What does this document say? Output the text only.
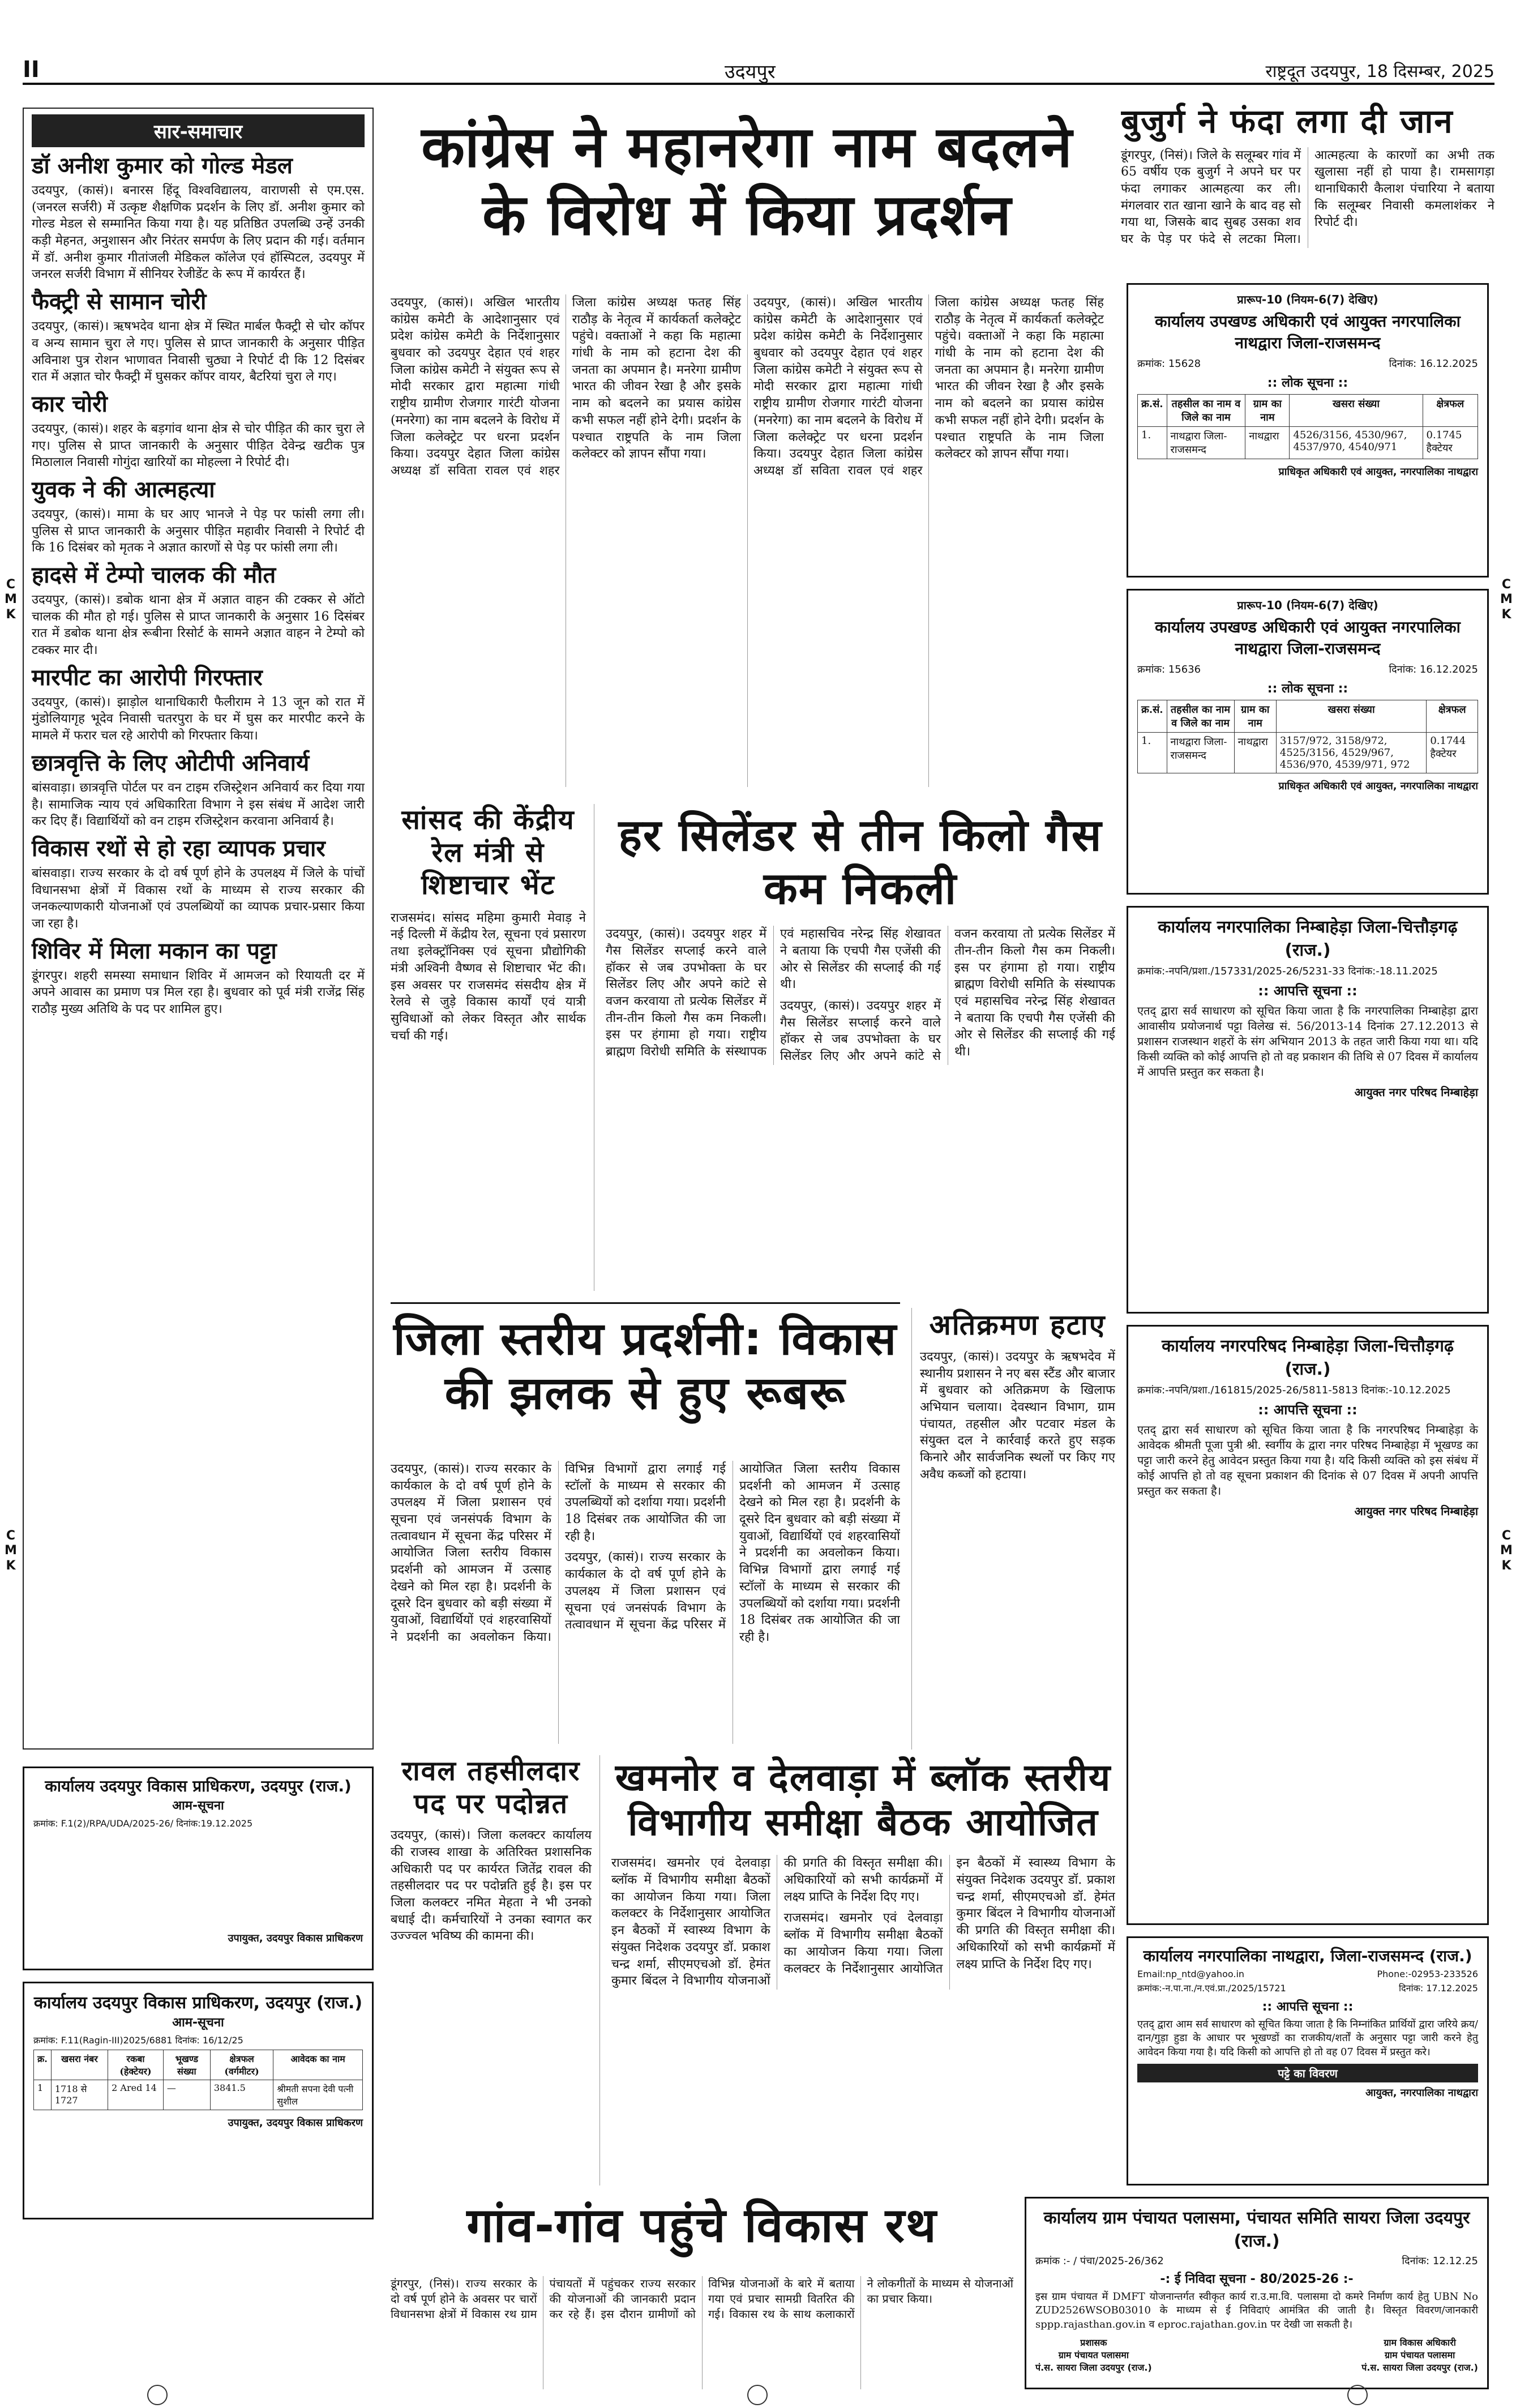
II	उदयपुर	राष्ट्रदूत उदयपुर, 18 दिसम्बर, 2025
C
M
K
C
M
K
C
M
K
C
M
K
सार-समाचार
डॉ अनीश कुमार को गोल्ड मेडल

उदयपुर, (कासं)। बनारस हिंदू विश्वविद्यालय, वाराणसी से एम.एस. (जनरल सर्जरी) में उत्कृष्ट शैक्षणिक प्रदर्शन के लिए डॉ. अनीश कुमार को गोल्ड मेडल से सम्मानित किया गया है। यह प्रतिष्ठित उपलब्धि उन्हें उनकी कड़ी मेहनत, अनुशासन और निरंतर समर्पण के लिए प्रदान की गई। वर्तमान में डॉ. अनीश कुमार गीतांजली मेडिकल कॉलेज एवं हॉस्पिटल, उदयपुर में जनरल सर्जरी विभाग में सीनियर रेजीडेंट के रूप में कार्यरत हैं।

फैक्ट्री से सामान चोरी

उदयपुर, (कासं)। ऋषभदेव थाना क्षेत्र में स्थित मार्बल फैक्ट्री से चोर कॉपर व अन्य सामान चुरा ले गए। पुलिस से प्राप्त जानकारी के अनुसार पीड़ित अविनाश पुत्र रोशन भाणावत निवासी चुठ्या ने रिपोर्ट दी कि 12 दिसंबर रात में अज्ञात चोर फैक्ट्री में घुसकर कॉपर वायर, बैटरियां चुरा ले गए।

कार चोरी

उदयपुर, (कासं)। शहर के बड़गांव थाना क्षेत्र से चोर पीड़ित की कार चुरा ले गए। पुलिस से प्राप्त जानकारी के अनुसार पीड़ित देवेन्द्र खटीक पुत्र मिठालाल निवासी गोगुंदा खारियों का मोहल्ला ने रिपोर्ट दी।

युवक ने की आत्महत्या

उदयपुर, (कासं)। मामा के घर आए भानजे ने पेड़ पर फांसी लगा ली। पुलिस से प्राप्त जानकारी के अनुसार पीड़ित महावीर निवासी ने रिपोर्ट दी कि 16 दिसंबर को मृतक ने अज्ञात कारणों से पेड़ पर फांसी लगा ली।

हादसे में टेम्पो चालक की मौत

उदयपुर, (कासं)। डबोक थाना क्षेत्र में अज्ञात वाहन की टक्कर से ऑटो चालक की मौत हो गई। पुलिस से प्राप्त जानकारी के अनुसार 16 दिसंबर रात में डबोक थाना क्षेत्र रूबीना रिसोर्ट के सामने अज्ञात वाहन ने टेम्पो को टक्कर मार दी।

मारपीट का आरोपी गिरफ्तार

उदयपुर, (कासं)। झाड़ोल थानाधिकारी फैलीराम ने 13 जून को रात में मुंडोलियागृह भूदेव निवासी चतरपुरा के घर में घुस कर मारपीट करने के मामले में फरार चल रहे आरोपी को गिरफ्तार किया।

छात्रवृत्ति के लिए ओटीपी अनिवार्य

बांसवाड़ा। छात्रवृत्ति पोर्टल पर वन टाइम रजिस्ट्रेशन अनिवार्य कर दिया गया है। सामाजिक न्याय एवं अधिकारिता विभाग ने इस संबंध में आदेश जारी कर दिए हैं। विद्यार्थियों को वन टाइम रजिस्ट्रेशन करवाना अनिवार्य है।

विकास रथों से हो रहा व्यापक प्रचार

बांसवाड़ा। राज्य सरकार के दो वर्ष पूर्ण होने के उपलक्ष्य में जिले के पांचों विधानसभा क्षेत्रों में विकास रथों के माध्यम से राज्य सरकार की जनकल्याणकारी योजनाओं एवं उपलब्धियों का व्यापक प्रचार-प्रसार किया जा रहा है।

शिविर में मिला मकान का पट्टा

डूंगरपुर। शहरी समस्या समाधान शिविर में आमजन को रियायती दर में अपने आवास का प्रमाण पत्र मिल रहा है। बुधवार को पूर्व मंत्री राजेंद्र सिंह राठौड़ मुख्य अतिथि के पद पर शामिल हुए।

कांग्रेस ने महानरेगा नाम बदलने के विरोध में किया प्रदर्शन

उदयपुर, (कासं)। अखिल भारतीय कांग्रेस कमेटी के आदेशानुसार एवं प्रदेश कांग्रेस कमेटी के निर्देशानुसार बुधवार को उदयपुर देहात एवं शहर जिला कांग्रेस कमेटी ने संयुक्त रूप से मोदी सरकार द्वारा महात्मा गांधी राष्ट्रीय ग्रामीण रोजगार गारंटी योजना (मनरेगा) का नाम बदलने के विरोध में जिला कलेक्ट्रेट पर धरना प्रदर्शन किया। उदयपुर देहात जिला कांग्रेस अध्यक्ष डॉ सविता रावल एवं शहर जिला कांग्रेस अध्यक्ष फतह सिंह राठौड़ के नेतृत्व में कार्यकर्ता कलेक्ट्रेट पहुंचे। वक्ताओं ने कहा कि महात्मा गांधी के नाम को हटाना देश की जनता का अपमान है। मनरेगा ग्रामीण भारत की जीवन रेखा है और इसके नाम को बदलने का प्रयास कांग्रेस कभी सफल नहीं होने देगी। प्रदर्शन के पश्चात राष्ट्रपति के नाम जिला कलेक्टर को ज्ञापन सौंपा गया।

उदयपुर, (कासं)। अखिल भारतीय कांग्रेस कमेटी के आदेशानुसार एवं प्रदेश कांग्रेस कमेटी के निर्देशानुसार बुधवार को उदयपुर देहात एवं शहर जिला कांग्रेस कमेटी ने संयुक्त रूप से मोदी सरकार द्वारा महात्मा गांधी राष्ट्रीय ग्रामीण रोजगार गारंटी योजना (मनरेगा) का नाम बदलने के विरोध में जिला कलेक्ट्रेट पर धरना प्रदर्शन किया। उदयपुर देहात जिला कांग्रेस अध्यक्ष डॉ सविता रावल एवं शहर जिला कांग्रेस अध्यक्ष फतह सिंह राठौड़ के नेतृत्व में कार्यकर्ता कलेक्ट्रेट पहुंचे। वक्ताओं ने कहा कि महात्मा गांधी के नाम को हटाना देश की जनता का अपमान है। मनरेगा ग्रामीण भारत की जीवन रेखा है और इसके नाम को बदलने का प्रयास कांग्रेस कभी सफल नहीं होने देगी। प्रदर्शन के पश्चात राष्ट्रपति के नाम जिला कलेक्टर को ज्ञापन सौंपा गया।

बुजुर्ग ने फंदा लगा दी जान

डूंगरपुर, (निसं)। जिले के सलूम्बर गांव में 65 वर्षीय एक बुजुर्ग ने अपने घर पर फंदा लगाकर आत्महत्या कर ली। मंगलवार रात खाना खाने के बाद वह सो गया था, जिसके बाद सुबह उसका शव घर के पेड़ पर फंदे से लटका मिला। आत्महत्या के कारणों का अभी तक खुलासा नहीं हो पाया है। रामसागड़ा थानाधिकारी कैलाश पंचारिया ने बताया कि सलूम्बर निवासी कमलाशंकर ने रिपोर्ट दी।

प्रारूप-10 (नियम-6(7) देखिए)
कार्यालय उपखण्ड अधिकारी एवं आयुक्त नगरपालिका नाथद्वारा जिला-राजसमन्द
क्रमांक: 15628	दिनांक: 16.12.2025
:: लोक सूचना ::
क्र.सं.	तहसील का नाम व जिले का नाम	ग्राम का नाम	खसरा संख्या	क्षेत्रफल
1.	नाथद्वारा जिला-राजसमन्द	नाथद्वारा	4526/3156, 4530/967, 4537/970, 4540/971	0.1745 हैक्टेयर
प्राधिकृत अधिकारी एवं आयुक्त, नगरपालिका नाथद्वारा
प्रारूप-10 (नियम-6(7) देखिए)
कार्यालय उपखण्ड अधिकारी एवं आयुक्त नगरपालिका नाथद्वारा जिला-राजसमन्द
क्रमांक: 15636	दिनांक: 16.12.2025
:: लोक सूचना ::
क्र.सं.	तहसील का नाम व जिले का नाम	ग्राम का नाम	खसरा संख्या	क्षेत्रफल
1.	नाथद्वारा जिला-राजसमन्द	नाथद्वारा	3157/972, 3158/972, 4525/3156, 4529/967, 4536/970, 4539/971, 972	0.1744 हैक्टेयर
प्राधिकृत अधिकारी एवं आयुक्त, नगरपालिका नाथद्वारा
सांसद की केंद्रीय रेल मंत्री से शिष्टाचार भेंट

राजसमंद। सांसद महिमा कुमारी मेवाड़ ने नई दिल्ली में केंद्रीय रेल, सूचना एवं प्रसारण तथा इलेक्ट्रॉनिक्स एवं सूचना प्रौद्योगिकी मंत्री अश्विनी वैष्णव से शिष्टाचार भेंट की। इस अवसर पर राजसमंद संसदीय क्षेत्र में रेलवे से जुड़े विकास कार्यों एवं यात्री सुविधाओं को लेकर विस्तृत और सार्थक चर्चा की गई।

हर सिलेंडर से तीन किलो गैस कम निकली

उदयपुर, (कासं)। उदयपुर शहर में गैस सिलेंडर सप्लाई करने वाले हॉकर से जब उपभोक्ता के घर सिलेंडर लिए और अपने कांटे से वजन करवाया तो प्रत्येक सिलेंडर में तीन-तीन किलो गैस कम निकली। इस पर हंगामा हो गया। राष्ट्रीय ब्राह्मण विरोधी समिति के संस्थापक एवं महासचिव नरेन्द्र सिंह शेखावत ने बताया कि एचपी गैस एजेंसी की ओर से सिलेंडर की सप्लाई की गई थी।

उदयपुर, (कासं)। उदयपुर शहर में गैस सिलेंडर सप्लाई करने वाले हॉकर से जब उपभोक्ता के घर सिलेंडर लिए और अपने कांटे से वजन करवाया तो प्रत्येक सिलेंडर में तीन-तीन किलो गैस कम निकली। इस पर हंगामा हो गया। राष्ट्रीय ब्राह्मण विरोधी समिति के संस्थापक एवं महासचिव नरेन्द्र सिंह शेखावत ने बताया कि एचपी गैस एजेंसी की ओर से सिलेंडर की सप्लाई की गई थी।

कार्यालय नगरपालिका निम्बाहेड़ा जिला-चित्तौड़गढ़ (राज.)
क्रमांक:-नपनि/प्रशा./157331/2025-26/5231-33 दिनांक:-18.11.2025
:: आपत्ति सूचना ::

एतद् द्वारा सर्व साधारण को सूचित किया जाता है कि नगरपालिका निम्बाहेड़ा द्वारा आवासीय प्रयोजनार्थ पट्टा विलेख सं. 56/2013-14 दिनांक 27.12.2013 से प्रशासन राजस्थान शहरों के संग अभियान 2013 के तहत जारी किया गया था। यदि किसी व्यक्ति को कोई आपत्ति हो तो वह प्रकाशन की तिथि से 07 दिवस में कार्यालय में आपत्ति प्रस्तुत कर सकता है।

आयुक्त नगर परिषद निम्बाहेड़ा
कार्यालय नगरपरिषद निम्बाहेड़ा जिला-चित्तौड़गढ़ (राज.)
क्रमांक:-नपनि/प्रशा./161815/2025-26/5811-5813 दिनांक:-10.12.2025
:: आपत्ति सूचना ::

एतद् द्वारा सर्व साधारण को सूचित किया जाता है कि नगरपरिषद निम्बाहेड़ा के आवेदक श्रीमती पूजा पुत्री श्री. स्वर्गीय के द्वारा नगर परिषद निम्बाहेड़ा में भूखण्ड का पट्टा जारी करने हेतु आवेदन प्रस्तुत किया गया है। यदि किसी व्यक्ति को इस संबंध में कोई आपत्ति हो तो वह सूचना प्रकाशन की दिनांक से 07 दिवस में अपनी आपत्ति प्रस्तुत कर सकता है।

आयुक्त नगर परिषद निम्बाहेड़ा
जिला स्तरीय प्रदर्शनी: विकास की झलक से हुए रूबरू

उदयपुर, (कासं)। राज्य सरकार के कार्यकाल के दो वर्ष पूर्ण होने के उपलक्ष्य में जिला प्रशासन एवं सूचना एवं जनसंपर्क विभाग के तत्वावधान में सूचना केंद्र परिसर में आयोजित जिला स्तरीय विकास प्रदर्शनी को आमजन में उत्साह देखने को मिल रहा है। प्रदर्शनी के दूसरे दिन बुधवार को बड़ी संख्या में युवाओं, विद्यार्थियों एवं शहरवासियों ने प्रदर्शनी का अवलोकन किया। विभिन्न विभागों द्वारा लगाई गई स्टॉलों के माध्यम से सरकार की उपलब्धियों को दर्शाया गया। प्रदर्शनी 18 दिसंबर तक आयोजित की जा रही है।

उदयपुर, (कासं)। राज्य सरकार के कार्यकाल के दो वर्ष पूर्ण होने के उपलक्ष्य में जिला प्रशासन एवं सूचना एवं जनसंपर्क विभाग के तत्वावधान में सूचना केंद्र परिसर में आयोजित जिला स्तरीय विकास प्रदर्शनी को आमजन में उत्साह देखने को मिल रहा है। प्रदर्शनी के दूसरे दिन बुधवार को बड़ी संख्या में युवाओं, विद्यार्थियों एवं शहरवासियों ने प्रदर्शनी का अवलोकन किया। विभिन्न विभागों द्वारा लगाई गई स्टॉलों के माध्यम से सरकार की उपलब्धियों को दर्शाया गया। प्रदर्शनी 18 दिसंबर तक आयोजित की जा रही है।

अतिक्रमण हटाए

उदयपुर, (कासं)। उदयपुर के ऋषभदेव में स्थानीय प्रशासन ने नए बस स्टैंड और बाजार में बुधवार को अतिक्रमण के खिलाफ अभियान चलाया। देवस्थान विभाग, ग्राम पंचायत, तहसील और पटवार मंडल के संयुक्त दल ने कार्रवाई करते हुए सड़क किनारे और सार्वजनिक स्थलों पर किए गए अवैध कब्जों को हटाया।

रावल तहसीलदार पद पर पदोन्नत

उदयपुर, (कासं)। जिला कलक्टर कार्यालय की राजस्व शाखा के अतिरिक्त प्रशासनिक अधिकारी पद पर कार्यरत जितेंद्र रावल की तहसीलदार पद पर पदोन्नति हुई है। इस पर जिला कलक्टर नमित मेहता ने भी उनको बधाई दी। कर्मचारियों ने उनका स्वागत कर उज्ज्वल भविष्य की कामना की।

खमनोर व देलवाड़ा में ब्लॉक स्तरीय विभागीय समीक्षा बैठक आयोजित

राजसमंद। खमनोर एवं देलवाड़ा ब्लॉक में विभागीय समीक्षा बैठकों का आयोजन किया गया। जिला कलक्टर के निर्देशानुसार आयोजित इन बैठकों में स्वास्थ्य विभाग के संयुक्त निदेशक उदयपुर डॉ. प्रकाश चन्द्र शर्मा, सीएमएचओ डॉ. हेमंत कुमार बिंदल ने विभागीय योजनाओं की प्रगति की विस्तृत समीक्षा की। अधिकारियों को सभी कार्यक्रमों में लक्ष्य प्राप्ति के निर्देश दिए गए।

राजसमंद। खमनोर एवं देलवाड़ा ब्लॉक में विभागीय समीक्षा बैठकों का आयोजन किया गया। जिला कलक्टर के निर्देशानुसार आयोजित इन बैठकों में स्वास्थ्य विभाग के संयुक्त निदेशक उदयपुर डॉ. प्रकाश चन्द्र शर्मा, सीएमएचओ डॉ. हेमंत कुमार बिंदल ने विभागीय योजनाओं की प्रगति की विस्तृत समीक्षा की। अधिकारियों को सभी कार्यक्रमों में लक्ष्य प्राप्ति के निर्देश दिए गए।	कार्यालय नगरपालिका नाथद्वारा, जिला-राजसमन्द (राज.)
Email:np_ntd@yahoo.in	Phone:-02953-233526
क्रमांक:-न.पा.ना./न.एवं.प्रा./2025/15721	दिनांक: 17.12.2025
:: आपत्ति सूचना ::

एतद् द्वारा आम सर्व साधारण को सूचित किया जाता है कि निम्नांकित प्रार्थियों द्वारा जरिये क्रय/दान/गुड़ा हुडा के आधार पर भूखण्डों का राजकीय/शर्तों के अनुसार पट्टा जारी करने हेतु आवेदन किया गया है। यदि किसी को आपत्ति हो तो वह 07 दिवस में प्रस्तुत करे।

पट्टे का विवरण
आयुक्त, नगरपालिका नाथद्वारा
कार्यालय उदयपुर विकास प्राधिकरण, उदयपुर (राज.)
आम-सूचना
क्रमांक: F.1(2)/RPA/UDA/2025-26/ दिनांक:19.12.2025
उपायुक्त, उदयपुर विकास प्राधिकरण
कार्यालय उदयपुर विकास प्राधिकरण, उदयपुर (राज.)
आम-सूचना
क्रमांक: F.11(Ragin-III)2025/6881 दिनांक: 16/12/25
क्र.	खसरा नंबर	रकबा (हेक्टेयर)	भूखण्ड संख्या	क्षेत्रफल (वर्गमीटर)	आवेदक का नाम
1	1718 से 1727	2 Ared 14	—	3841.5	श्रीमती सपना देवी पत्नी सुशील
उपायुक्त, उदयपुर विकास प्राधिकरण
गांव-गांव पहुंचे विकास रथ

डूंगरपुर, (निसं)। राज्य सरकार के दो वर्ष पूर्ण होने के अवसर पर चारों विधानसभा क्षेत्रों में विकास रथ ग्राम पंचायतों में पहुंचकर राज्य सरकार की योजनाओं की जानकारी प्रदान कर रहे हैं। इस दौरान ग्रामीणों को विभिन्न योजनाओं के बारे में बताया गया एवं प्रचार सामग्री वितरित की गई। विकास रथ के साथ कलाकारों ने लोकगीतों के माध्यम से योजनाओं का प्रचार किया।

कार्यालय ग्राम पंचायत पलासमा, पंचायत समिति सायरा जिला उदयपुर (राज.)
क्रमांक :- / पंचा/2025-26/362	दिनांक: 12.12.25
-: ई निविदा सूचना - 80/2025-26 :-

इस ग्राम पंचायत में DMFT योजनान्तर्गत स्वीकृत कार्य रा.उ.मा.वि. पलासमा दो कमरे निर्माण कार्य हेतु UBN No ZUD2526WSOB03010 के माध्यम से ई निविदाएं आमंत्रित की जाती है। विस्तृत विवरण/जानकारी sppp.rajasthan.gov.in व eproc.rajathan.gov.in पर देखी जा सकती है।

प्रशासक
ग्राम पंचायत पलासमा
पं.स. सायरा जिला उदयपुर (राज.)
ग्राम विकास अधिकारी
ग्राम पंचायत पलासमा
पं.स. सायरा जिला उदयपुर (राज.)
